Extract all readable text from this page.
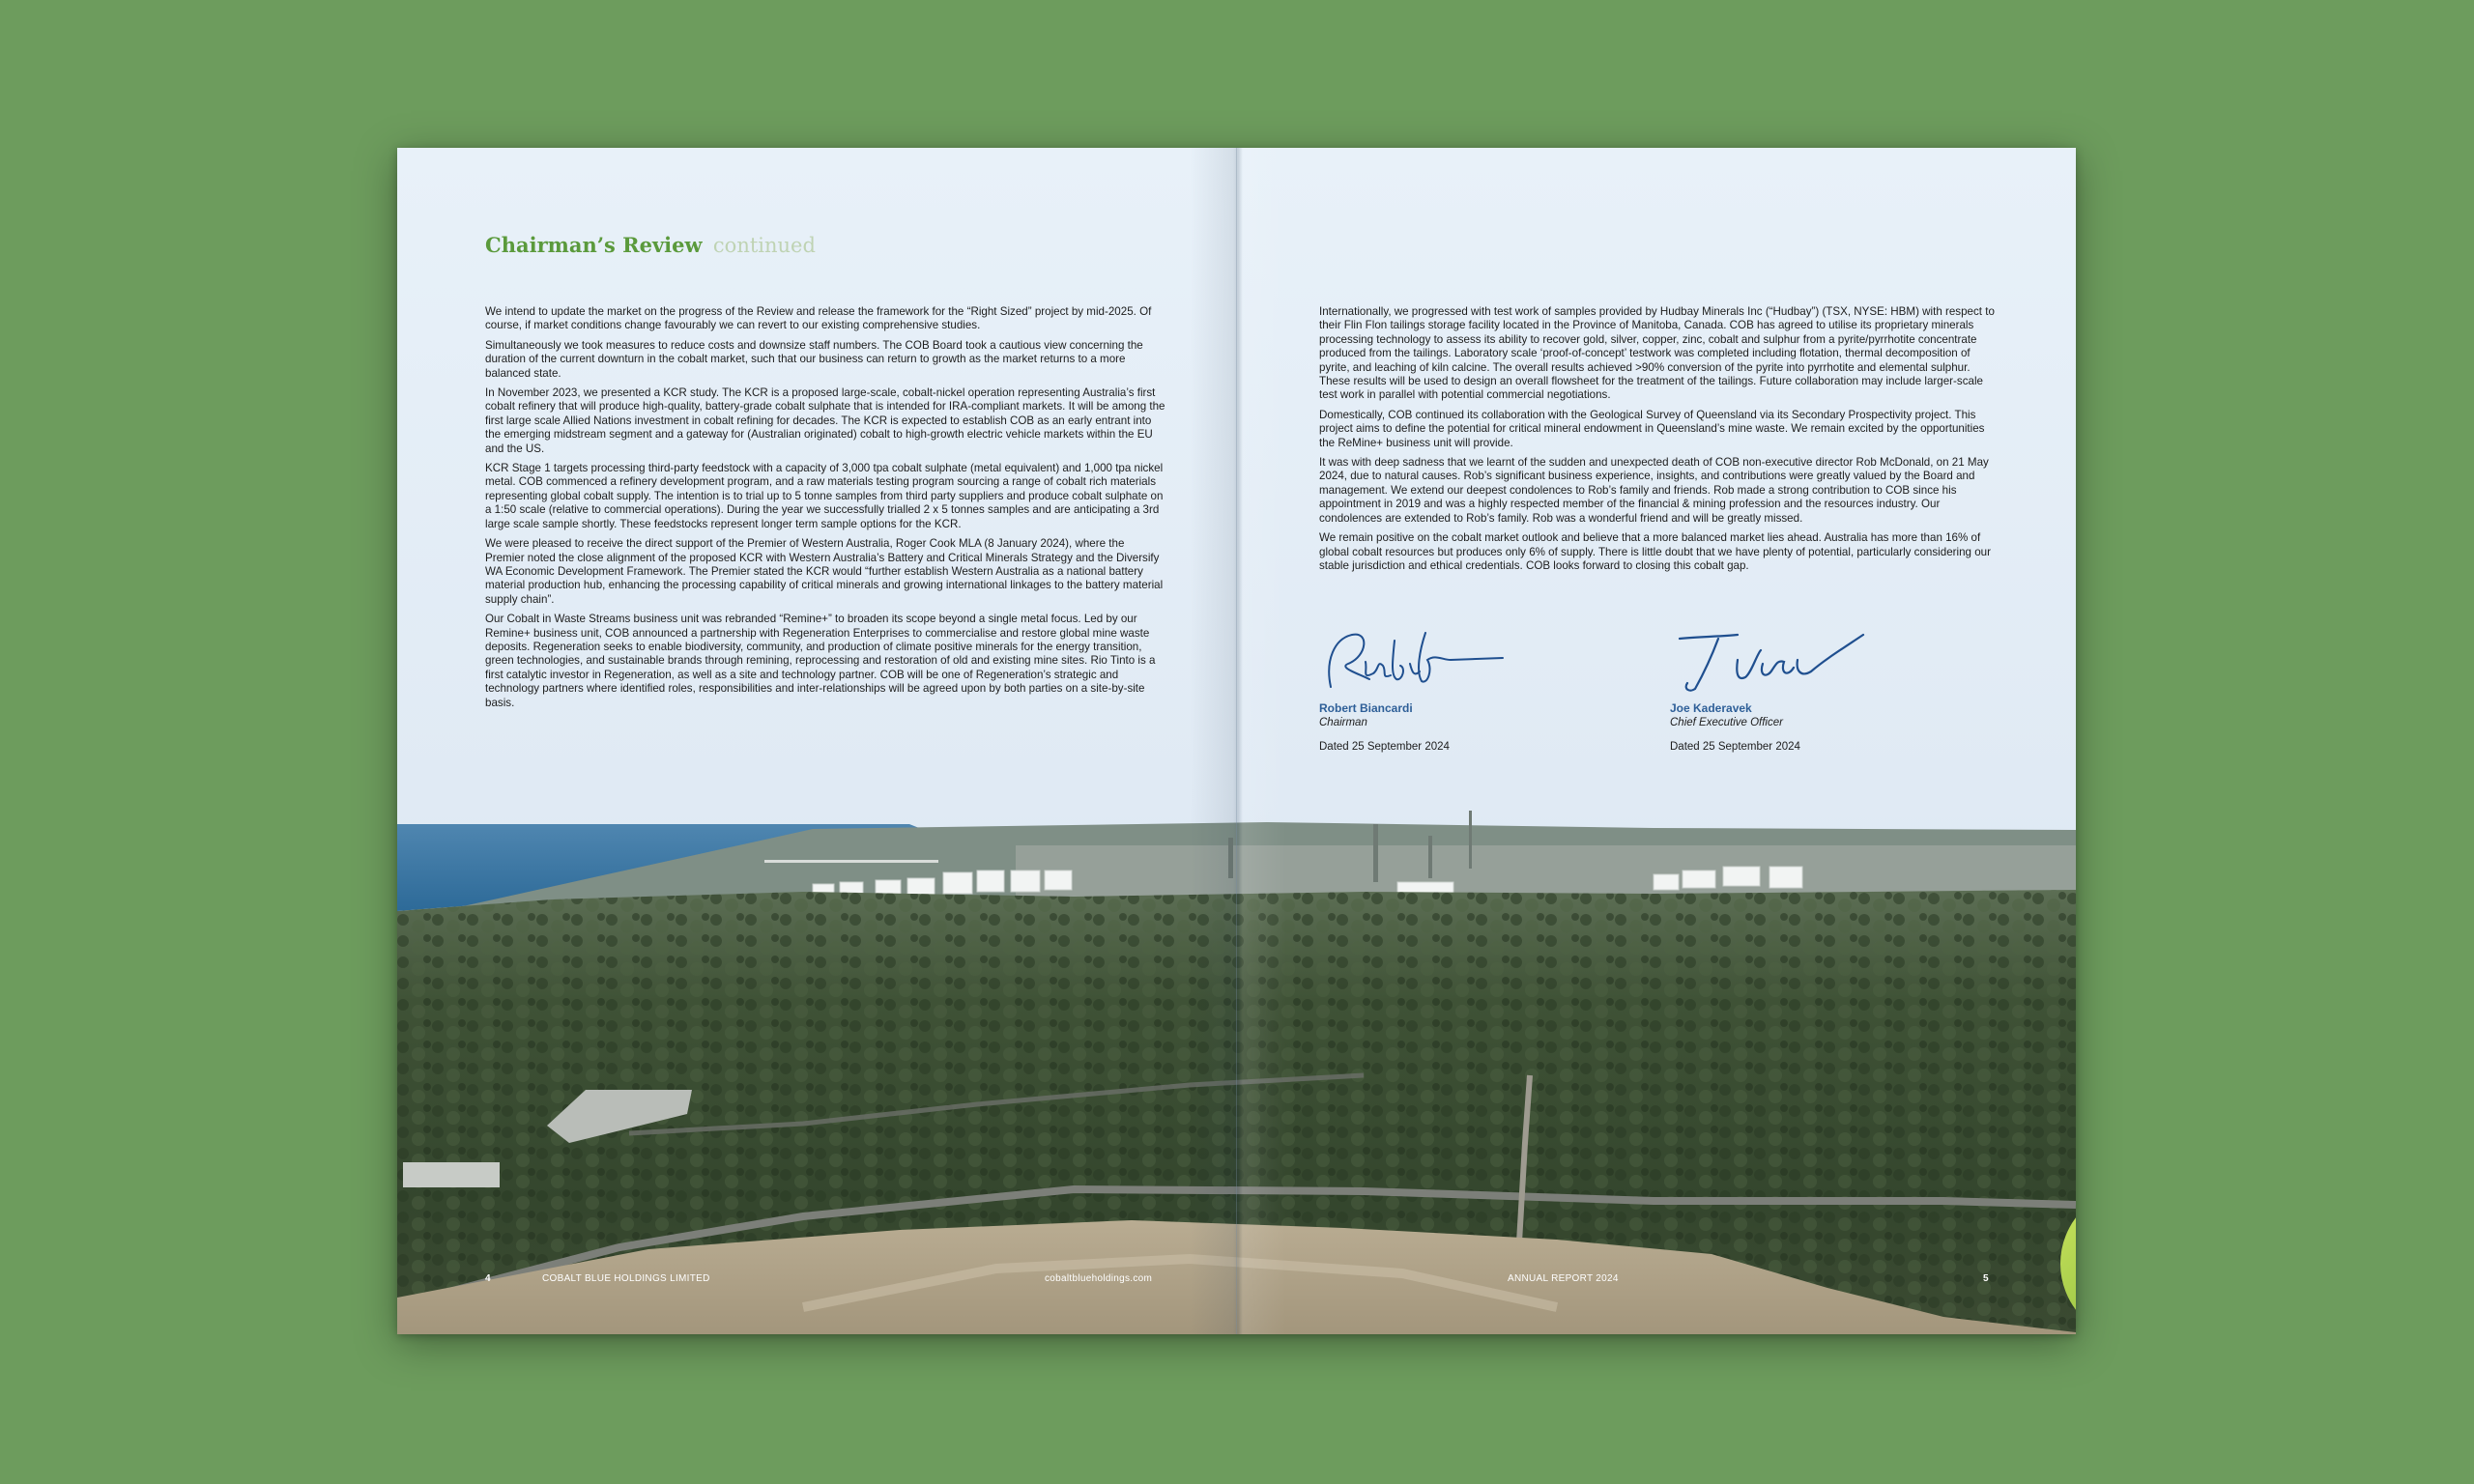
Chairman’s Review continued

We intend to update the market on the progress of the Review and release the framework for the “Right Sized” project by mid-2025. Of course, if market conditions change favourably we can revert to our existing comprehensive studies.

Simultaneously we took measures to reduce costs and downsize staff numbers. The COB Board took a cautious view concerning the duration of the current downturn in the cobalt market, such that our business can return to growth as the market returns to a more balanced state.

In November 2023, we presented a KCR study. The KCR is a proposed large-scale, cobalt-nickel operation representing Australia’s first cobalt refinery that will produce high-quality, battery-grade cobalt sulphate that is intended for IRA-compliant markets. It will be among the first large scale Allied Nations investment in cobalt refining for decades. The KCR is expected to establish COB as an early entrant into the emerging midstream segment and a gateway for (Australian originated) cobalt to high-growth electric vehicle markets within the EU and the US.

KCR Stage 1 targets processing third-party feedstock with a capacity of 3,000 tpa cobalt sulphate (metal equivalent) and 1,000 tpa nickel metal. COB commenced a refinery development program, and a raw materials testing program sourcing a range of cobalt rich materials representing global cobalt supply. The intention is to trial up to 5 tonne samples from third party suppliers and produce cobalt sulphate on a 1:50 scale (relative to commercial operations). During the year we successfully trialled 2 x 5 tonnes samples and are anticipating a 3rd large scale sample shortly. These feedstocks represent longer term sample options for the KCR.

We were pleased to receive the direct support of the Premier of Western Australia, Roger Cook MLA (8 January 2024), where the Premier noted the close alignment of the proposed KCR with Western Australia’s Battery and Critical Minerals Strategy and the Diversify WA Economic Development Framework. The Premier stated the KCR would “further establish Western Australia as a national battery material production hub, enhancing the processing capability of critical minerals and growing international linkages to the battery material supply chain”.

Our Cobalt in Waste Streams business unit was rebranded “Remine+” to broaden its scope beyond a single metal focus. Led by our Remine+ business unit, COB announced a partnership with Regeneration Enterprises to commercialise and restore global mine waste deposits. Regeneration seeks to enable biodiversity, community, and production of climate positive minerals for the energy transition, green technologies, and sustainable brands through remining, reprocessing and restoration of old and existing mine sites. Rio Tinto is a first catalytic investor in Regeneration, as well as a site and technology partner. COB will be one of Regeneration’s strategic and technology partners where identified roles, responsibilities and inter-relationships will be agreed upon by both parties on a site-by-site basis.

Internationally, we progressed with test work of samples provided by Hudbay Minerals Inc (“Hudbay”) (TSX, NYSE: HBM) with respect to their Flin Flon tailings storage facility located in the Province of Manitoba, Canada. COB has agreed to utilise its proprietary minerals processing technology to assess its ability to recover gold, silver, copper, zinc, cobalt and sulphur from a pyrite/pyrrhotite concentrate produced from the tailings. Laboratory scale ‘proof-of-concept’ testwork was completed including flotation, thermal decomposition of pyrite, and leaching of kiln calcine. The overall results achieved >90% conversion of the pyrite into pyrrhotite and elemental sulphur. These results will be used to design an overall flowsheet for the treatment of the tailings. Future collaboration may include larger-scale test work in parallel with potential commercial negotiations.

Domestically, COB continued its collaboration with the Geological Survey of Queensland via its Secondary Prospectivity project. This project aims to define the potential for critical mineral endowment in Queensland’s mine waste. We remain excited by the opportunities the ReMine+ business unit will provide.

It was with deep sadness that we learnt of the sudden and unexpected death of COB non-executive director Rob McDonald, on 21 May 2024, due to natural causes. Rob’s significant business experience, insights, and contributions were greatly valued by the Board and management. We extend our deepest condolences to Rob’s family and friends. Rob made a strong contribution to COB since his appointment in 2019 and was a highly respected member of the financial & mining profession and the resources industry. Our condolences are extended to Rob’s family. Rob was a wonderful friend and will be greatly missed.

We remain positive on the cobalt market outlook and believe that a more balanced market lies ahead. Australia has more than 16% of global cobalt resources but produces only 6% of supply. There is little doubt that we have plenty of potential, particularly considering our stable jurisdiction and ethical credentials. COB looks forward to closing this cobalt gap.

Robert Biancardi
Chairman
Dated 25 September 2024
Joe Kaderavek
Chief Executive Officer
Dated 25 September 2024
4	COBALT BLUE HOLDINGS LIMITED	cobaltblueholdings.com	ANNUAL REPORT 2024	5
